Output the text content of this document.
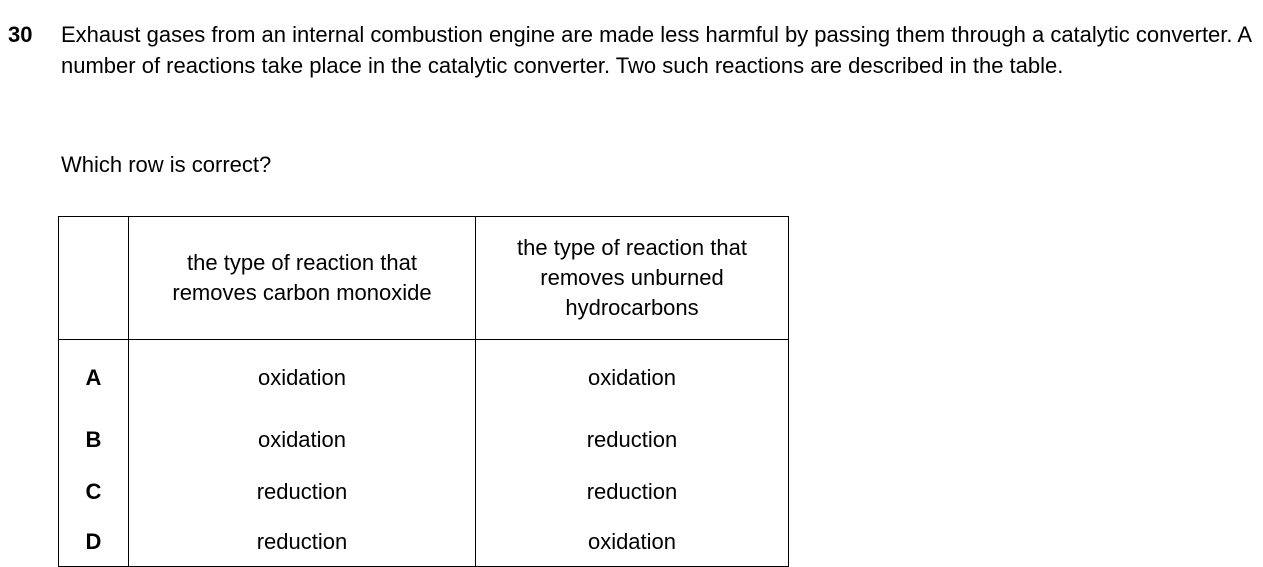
30 Exhaust gases from an internal combustion engine are made less harmful by passing them through a catalytic converter. A number of reactions take place in the catalytic converter. Two such reactions are described in the table.
Which row is correct?
	the type of reaction that removes carbon monoxide	the type of reaction that removes unburned hydrocarbons
A	oxidation	oxidation
B	oxidation	reduction
C	reduction	reduction
D	reduction	oxidation
